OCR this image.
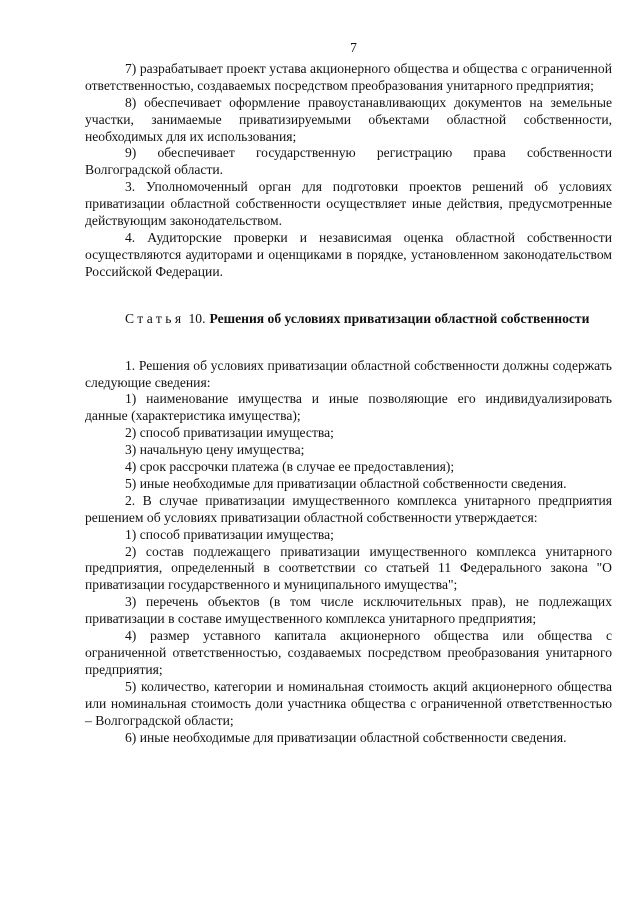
7

7) разрабатывает проект устава акционерного общества и общества с ограниченной ответственностью, создаваемых посредством преобразования унитарного предприятия;

8) обеспечивает оформление правоустанавливающих документов на земельные участки, занимаемые приватизируемыми объектами областной собственности, необходимых для их использования;

9) обеспечивает государственную регистрацию права собственности Волгоградской области.

3. Уполномоченный орган для подготовки проектов решений об условиях приватизации областной собственности осуществляет иные действия, предусмотренные действующим законодательством.

4. Аудиторские проверки и независимая оценка областной собственности осуществляются аудиторами и оценщиками в порядке, установленном законодательством Российской Федерации.

Статья 10. Решения об условиях приватизации областной собственности

1. Решения об условиях приватизации областной собственности должны содержать следующие сведения:

1) наименование имущества и иные позволяющие его индивидуализировать данные (характеристика имущества);

2) способ приватизации имущества;

3) начальную цену имущества;

4) срок рассрочки платежа (в случае ее предоставления);

5) иные необходимые для приватизации областной собственности сведения.

2. В случае приватизации имущественного комплекса унитарного предприятия решением об условиях приватизации областной собственности утверждается:

1) способ приватизации имущества;

2) состав подлежащего приватизации имущественного комплекса унитарного предприятия, определенный в соответствии со статьей 11 Федерального закона "О приватизации государственного и муниципального имущества";

3) перечень объектов (в том числе исключительных прав), не подлежащих приватизации в составе имущественного комплекса унитарного предприятия;

4) размер уставного капитала акционерного общества или общества с ограниченной ответственностью, создаваемых посредством преобразования унитарного предприятия;

5) количество, категории и номинальная стоимость акций акционерного общества или номинальная стоимость доли участника общества с ограниченной ответственностью – Волгоградской области;

6) иные необходимые для приватизации областной собственности сведения.
